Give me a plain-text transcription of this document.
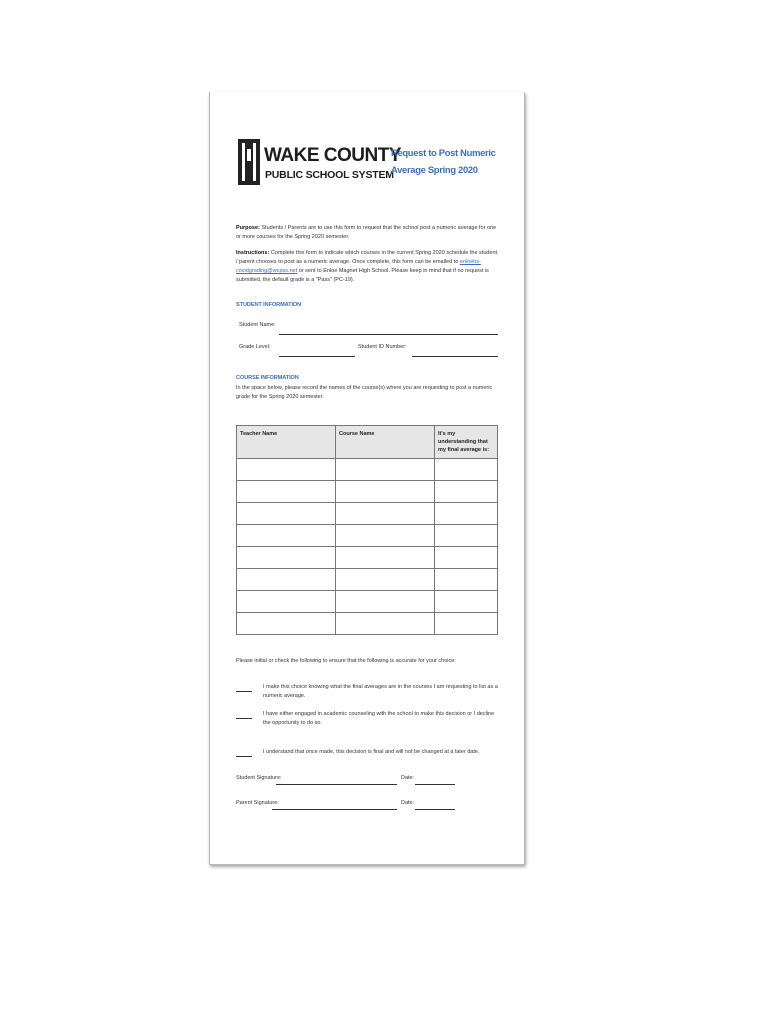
WAKE COUNTY
PUBLIC SCHOOL SYSTEM
Request to Post Numeric
Average Spring 2020
Purpose: Students / Parents are to use this form to request that the school post a numeric average for one or more courses for the Spring 2020 semester.
Instructions: Complete this form to indicate which courses in the current Spring 2020 schedule the student / parent chooses to post as a numeric average. Once complete, this form can be emailed to enloehs-covidgrading@wcpss.net or sent to Enloe Magnet High School. Please keep in mind that if no request is submitted, the default grade is a "Pass" (PC-19).
STUDENT INFORMATION
Student Name:
Grade Level:	Student ID Number:
COURSE INFORMATION
In the space below, please record the names of the course(s) where you are requesting to post a numeric grade for the Spring 2020 semester.
Teacher Name	Course Name	It's my understanding that my final average is:

Please initial or check the following to ensure that the following is accurate for your choice:
I make this choice knowing what the final averages are in the courses I am requesting to list as a numeric average.
I have either engaged in academic counseling with the school to make this decision or I decline the opportunity to do so.
I understand that once made, this decision is final and will not be changed at a later date.
Student Signature:	Date:
Parent Signature:	Date:
